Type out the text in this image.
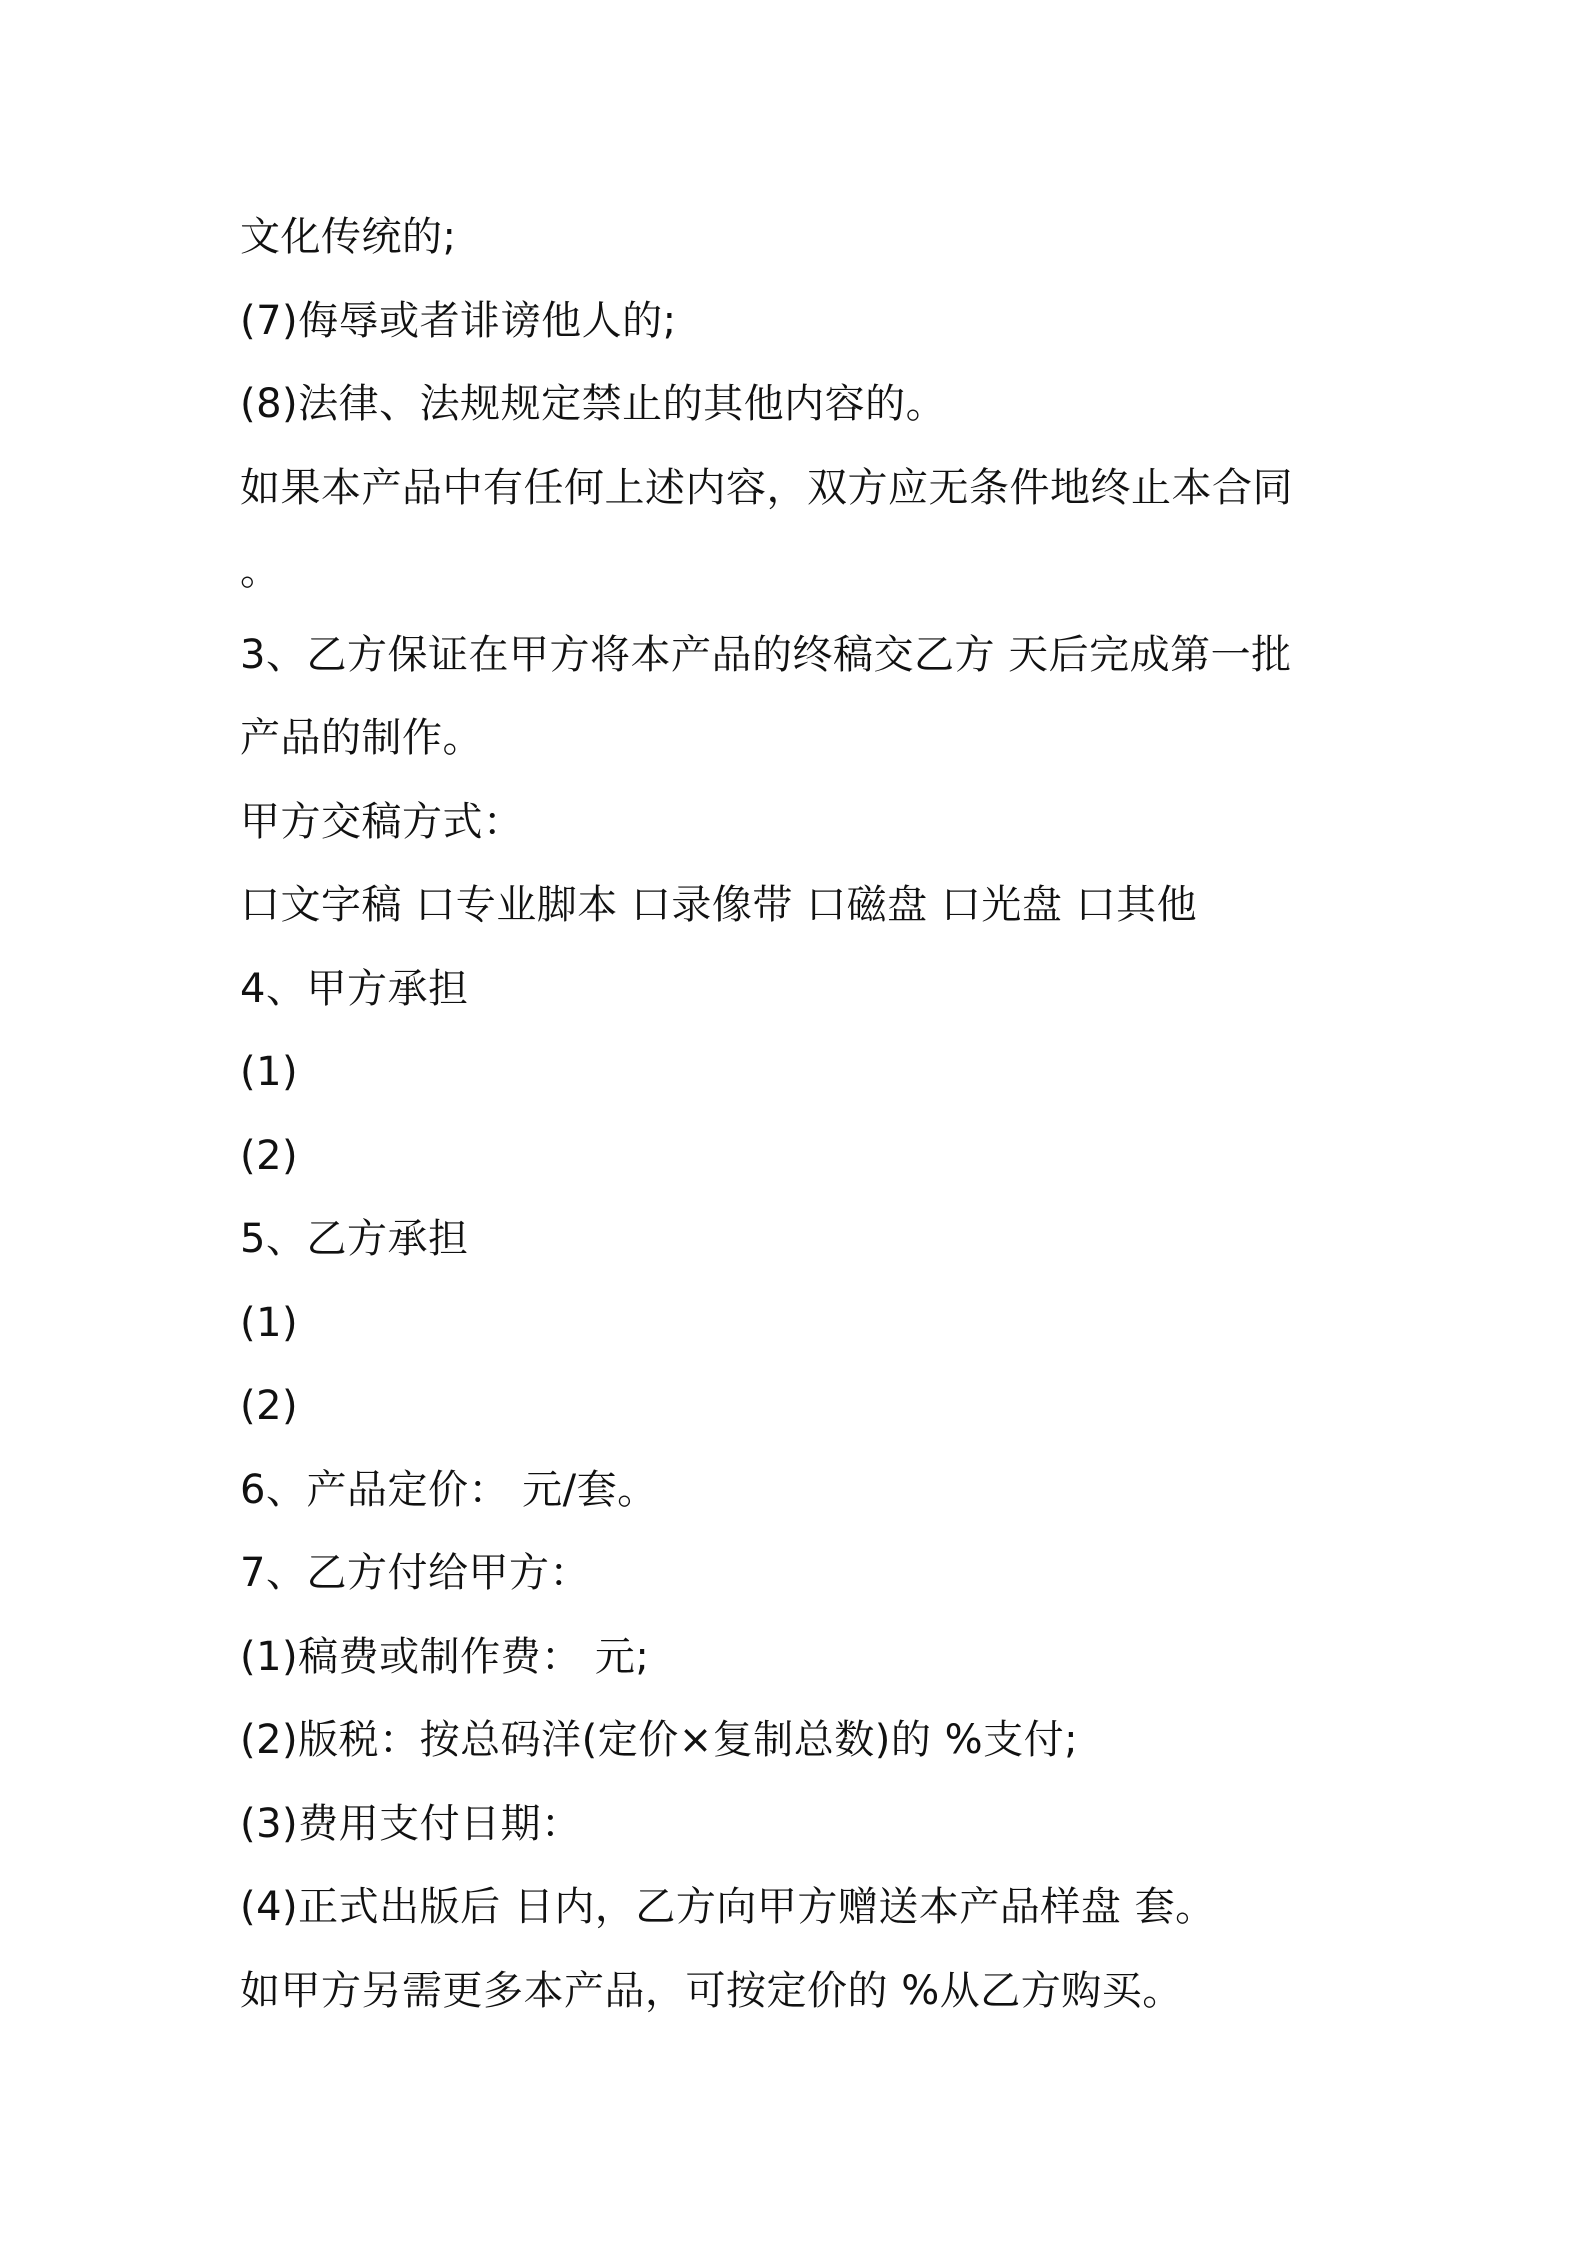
文化传统的;
(7)侮辱或者诽谤他人的;
(8)法律、法规规定禁止的其他内容的。
如果本产品中有任何上述内容，双方应无条件地终止本合同
。
3、乙方保证在甲方将本产品的终稿交乙方 天后完成第一批
产品的制作。
甲方交稿方式：
口文字稿 口专业脚本 口录像带 口磁盘 口光盘 口其他
4、甲方承担
(1)
(2)
5、乙方承担
(1)
(2)
6、产品定价： 元/套。
7、乙方付给甲方：
(1)稿费或制作费： 元;
(2)版税：按总码洋(定价×复制总数)的 %支付;
(3)费用支付日期：
(4)正式出版后 日内，乙方向甲方赠送本产品样盘 套。
如甲方另需更多本产品，可按定价的 %从乙方购买。
